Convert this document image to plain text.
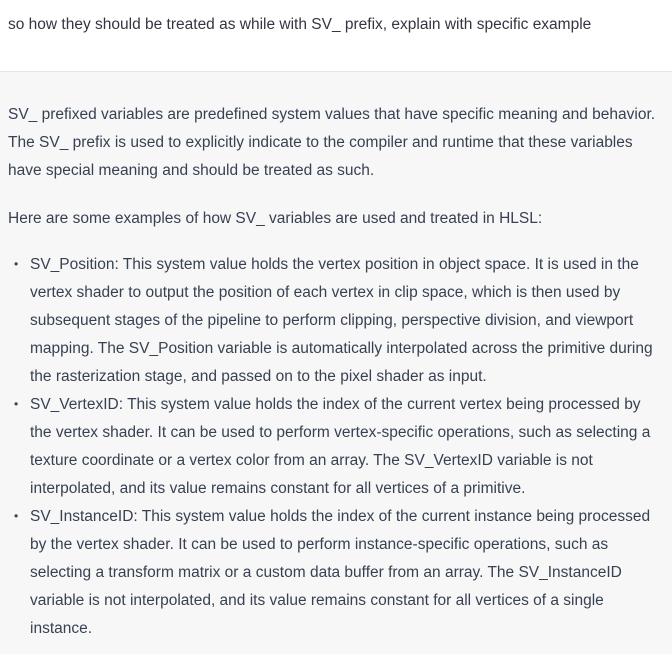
so how they should be treated as while with SV_ prefix, explain with specific example

SV_ prefixed variables are predefined system values that have specific meaning and behavior. The SV_ prefix is used to explicitly indicate to the compiler and runtime that these variables have special meaning and should be treated as such.

Here are some examples of how SV_ variables are used and treated in HLSL:

• SV_Position: This system value holds the vertex position in object space. It is used in the vertex shader to output the position of each vertex in clip space, which is then used by subsequent stages of the pipeline to perform clipping, perspective division, and viewport mapping. The SV_Position variable is automatically interpolated across the primitive during the rasterization stage, and passed on to the pixel shader as input.
• SV_VertexID: This system value holds the index of the current vertex being processed by the vertex shader. It can be used to perform vertex-specific operations, such as selecting a texture coordinate or a vertex color from an array. The SV_VertexID variable is not interpolated, and its value remains constant for all vertices of a primitive.
• SV_InstanceID: This system value holds the index of the current instance being processed by the vertex shader. It can be used to perform instance-specific operations, such as selecting a transform matrix or a custom data buffer from an array. The SV_InstanceID variable is not interpolated, and its value remains constant for all vertices of a single instance.
